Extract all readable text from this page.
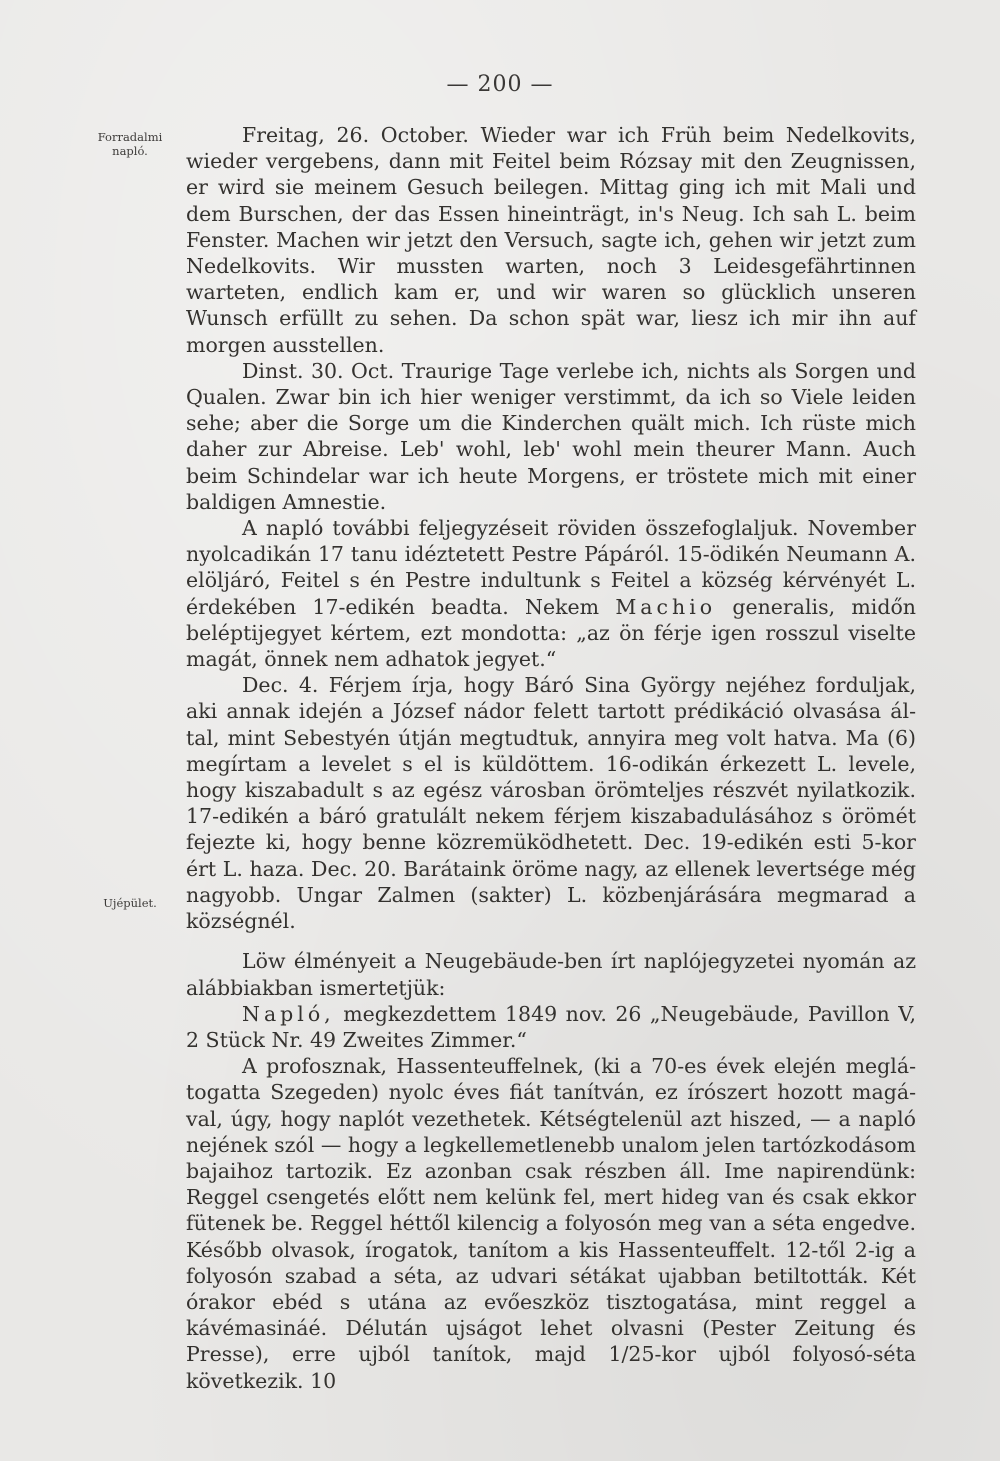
— 200 —
Forradalmi
napló.
Ujépület.

Freitag, 26. October. Wieder war ich Früh beim Nedelkovits, wieder vergebens, dann mit Feitel beim Rózsay mit den Zeugnissen, er wird sie meinem Gesuch beilegen. Mittag ging ich mit Mali und dem Burschen, der das Essen hineinträgt, in's Neug. Ich sah L. beim Fenster. Machen wir jetzt den Versuch, sagte ich, gehen wir jetzt zum Nedelkovits. Wir mussten warten, noch 3 Leidesgefährtinnen warteten, endlich kam er, und wir waren so glücklich unseren Wunsch erfüllt zu sehen. Da schon spät war, liesz ich mir ihn auf morgen ausstellen.

Dinst. 30. Oct. Traurige Tage verlebe ich, nichts als Sorgen und Qualen. Zwar bin ich hier weniger verstimmt, da ich so Viele leiden sehe; aber die Sorge um die Kinderchen quält mich. Ich rüste mich daher zur Abreise. Leb' wohl, leb' wohl mein theurer Mann. Auch beim Schindelar war ich heute Morgens, er tröstete mich mit einer baldigen Amnestie.

A napló további feljegyzéseit röviden összefoglaljuk. November nyolcadikán 17 tanu idéztetett Pestre Pápáról. 15-ödikén Neumann A. elöljáró, Feitel s én Pestre indultunk s Feitel a község kérvényét L. érdekében 17-edikén beadta. Nekem Machio generalis, midőn beléptijegyet kértem, ezt mondotta: „az ön férje igen rosszul viselte magát, önnek nem adhatok jegyet.“

Dec. 4. Férjem írja, hogy Báró Sina György nejéhez forduljak, aki annak idején a József nádor felett tartott prédikáció olvasása által, mint Sebestyén útján megtudtuk, annyira meg volt hatva. Ma (6) megírtam a levelet s el is küldöttem. 16-odikán érkezett L. levele, hogy kiszabadult s az egész városban örömteljes részvét nyilatkozik. 17-edikén a báró gratulált nekem férjem kiszabadulásához s örömét fejezte ki, hogy benne közremüködhetett. Dec. 19-edikén esti 5-kor ért L. haza. Dec. 20. Barátaink öröme nagy, az ellenek levertsége még nagyobb. Ungar Zalmen (sakter) L. közbenjárására megmarad a községnél.

Löw élményeit a Neugebäude-ben írt naplójegyzetei nyomán az alábbiakban ismertetjük:

Napló, megkezdettem 1849 nov. 26 „Neugebäude, Pavillon V, 2 Stück Nr. 49 Zweites Zimmer.“

A profosznak, Hassenteuffelnek, (ki a 70-es évek elején meglátogatta Szegeden) nyolc éves fiát tanítván, ez írószert hozott magával, úgy, hogy naplót vezethetek. Kétségtelenül azt hiszed, — a napló nejének szól — hogy a legkellemetlenebb unalom jelen tartózkodásom bajaihoz tartozik. Ez azonban csak részben áll. Ime napirendünk: Reggel csengetés előtt nem kelünk fel, mert hideg van és csak ekkor fütenek be. Reggel héttől kilencig a folyosón meg van a séta engedve. Később olvasok, írogatok, tanítom a kis Hassenteuffelt. 12-től 2-ig a folyosón szabad a séta, az udvari sétákat ujabban betiltották. Két órakor ebéd s utána az evőeszköz tisztogatása, mint reggel a kávémasináé. Délután ujságot lehet olvasni (Pester Zeitung és Presse), erre ujból tanítok, majd 1/25-kor ujból folyosó-séta következik. 10
